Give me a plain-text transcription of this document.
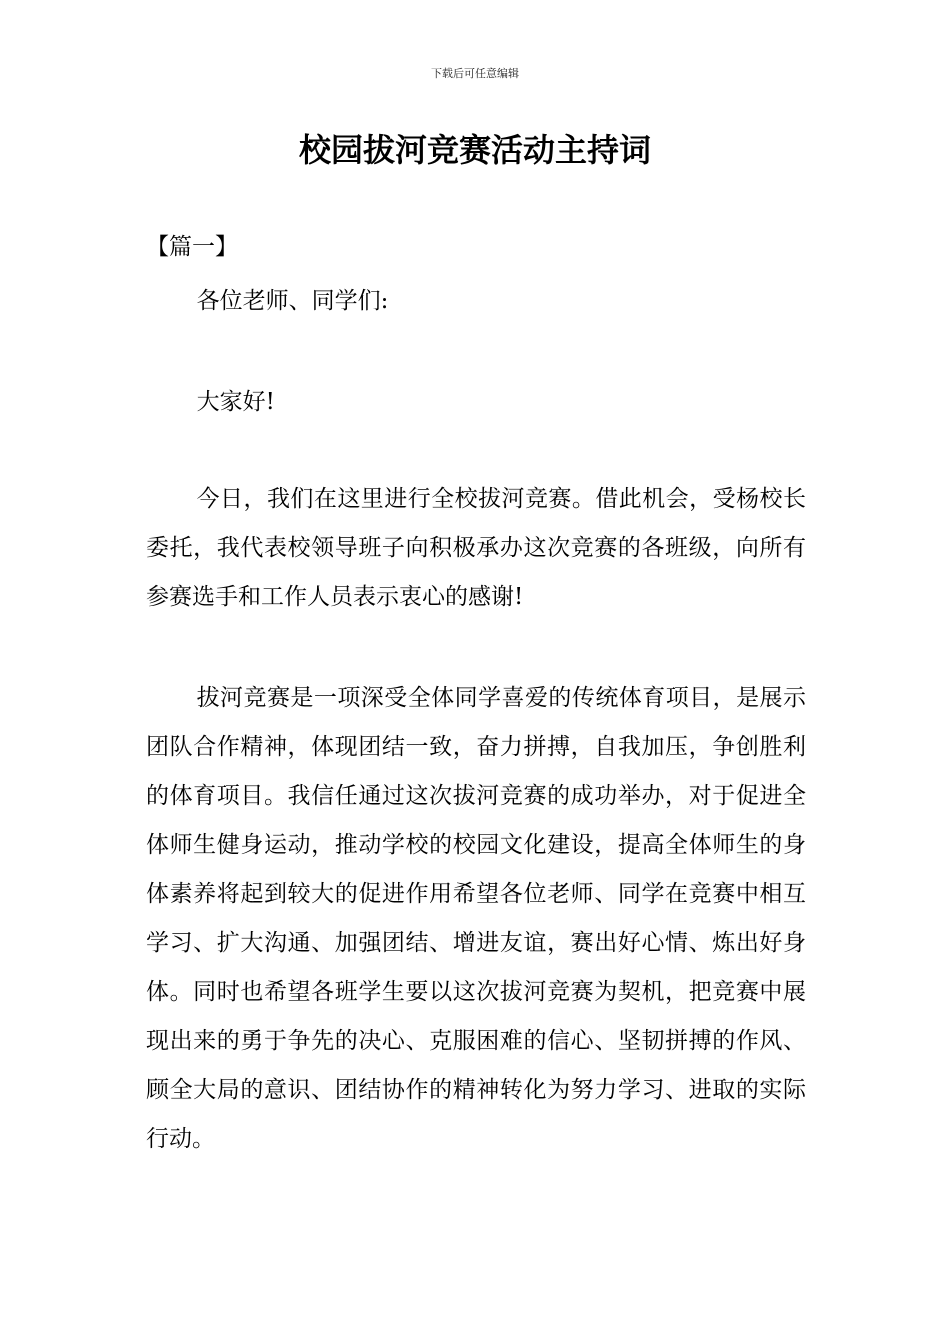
下载后可任意编辑
校园拔河竞赛活动主持词
【篇一】

各位老师、同学们:

大家好!

今日，我们在这里进行全校拔河竞赛。借此机会，受杨校长委托，我代表校领导班子向积极承办这次竞赛的各班级，向所有参赛选手和工作人员表示衷心的感谢!

拔河竞赛是一项深受全体同学喜爱的传统体育项目，是展示团队合作精神，体现团结一致，奋力拼搏，自我加压，争创胜利的体育项目。我信任通过这次拔河竞赛的成功举办，对于促进全体师生健身运动，推动学校的校园文化建设，提高全体师生的身体素养将起到较大的促进作用希望各位老师、同学在竞赛中相互学习、扩大沟通、加强团结、增进友谊，赛出好心情、炼出好身体。同时也希望各班学生要以这次拔河竞赛为契机，把竞赛中展现出来的勇于争先的决心、克服困难的信心、坚韧拼搏的作风、顾全大局的意识、团结协作的精神转化为努力学习、进取的实际行动。
